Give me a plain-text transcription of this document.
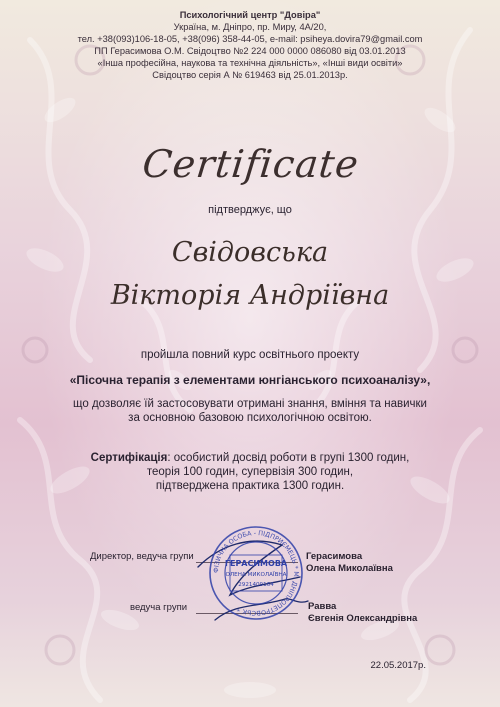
Психологічний центр "Довіра"
Україна, м. Дніпро, пр. Миру, 4А/20,
тел. +38(093)106-18-05, +38(096) 358-44-05, e-mail: psiheya.dovira79@gmail.com
ПП Герасимова О.М. Свідоцтво №2 224 000 0000 086080 від 03.01.2013
«Інша професійна, наукова та технічна діяльність», «Інші види освіти»
Свідоцтво серія А № 619463 від 25.01.2013р.
Certificate
підтверджує, що
Свідовська
Вікторія Андріївна
пройшла повний курс освітнього проекту
«Пісочна терапія з елементами юнгіанського психоаналізу»,
що дозволяє їй застосовувати отримані знання, вміння та навички
за основною базовою психологічною освітою.
Сертифікація: особистий досвід роботи в групі 1300 годин,
теорія 100 годин, супервізія 300 годин,
підтверджена практика 1300 годин.
Директор, ведуча групи	Герасимова
Олена Миколаївна
ведуча групи	Равва
Євгенія Олександрівна
ФІЗИЧНА ОСОБА - ПІДПРИЄМЕЦЬ * М. ДНІПРОПЕТРОВСЬК *
ГЕРАСИМОВА
ОЛЕНА МИКОЛАЇВНА
2921409164
22.05.2017р.
